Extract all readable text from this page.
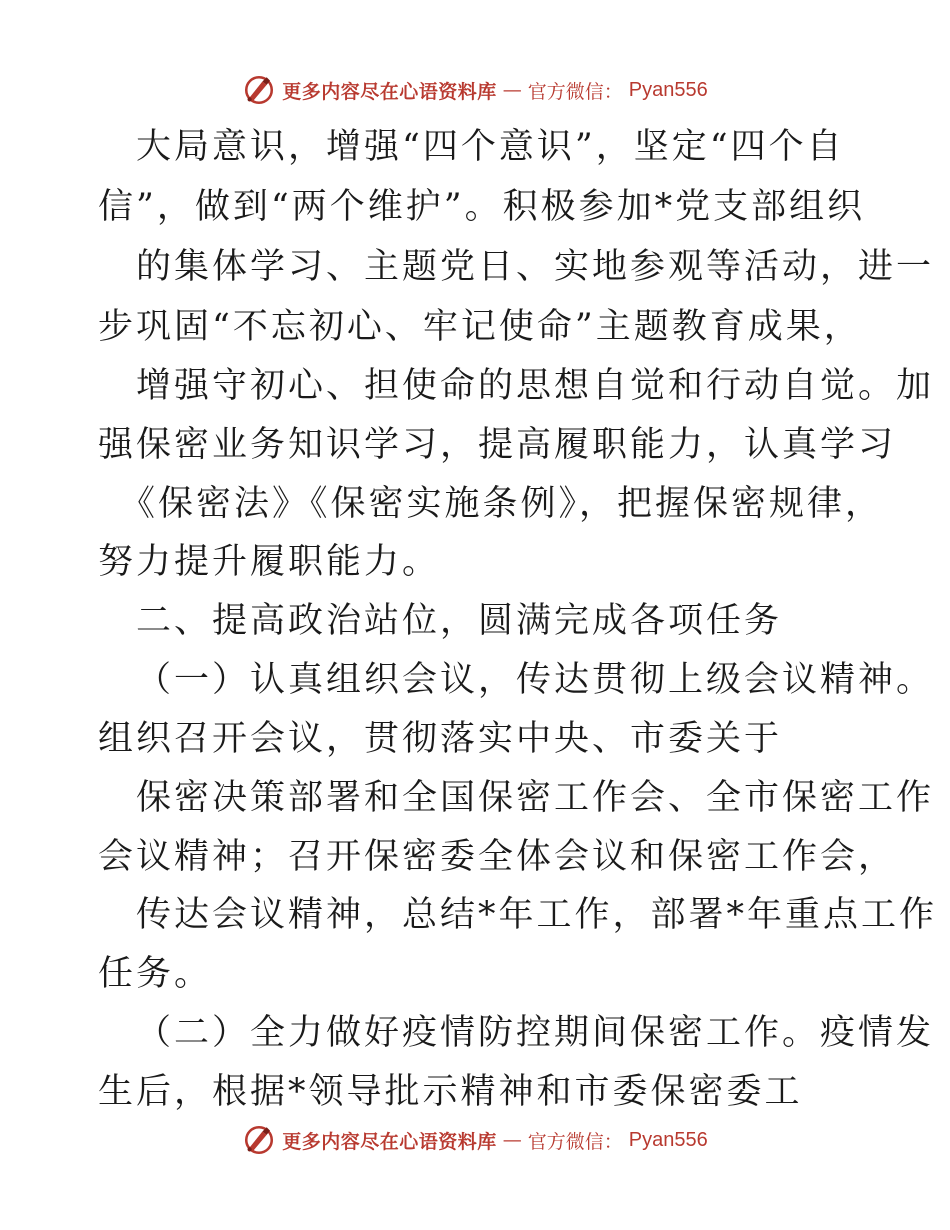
更多内容尽在心语资料库 — 官方微信： Pyan556
大局意识，增强“四个意识”，坚定“四个自
信”，做到“两个维护”。积极参加*党支部组织
的集体学习、主题党日、实地参观等活动，进一
步巩固“不忘初心、牢记使命”主题教育成果，
增强守初心、担使命的思想自觉和行动自觉。加
强保密业务知识学习，提高履职能力，认真学习
《保密法》《保密实施条例》，把握保密规律，
努力提升履职能力。
二、提高政治站位，圆满完成各项任务
（一）认真组织会议，传达贯彻上级会议精神。
组织召开会议，贯彻落实中央、市委关于
保密决策部署和全国保密工作会、全市保密工作
会议精神；召开保密委全体会议和保密工作会，
传达会议精神，总结*年工作，部署*年重点工作
任务。
（二）全力做好疫情防控期间保密工作。疫情发
生后，根据*领导批示精神和市委保密委工
更多内容尽在心语资料库 — 官方微信： Pyan556
